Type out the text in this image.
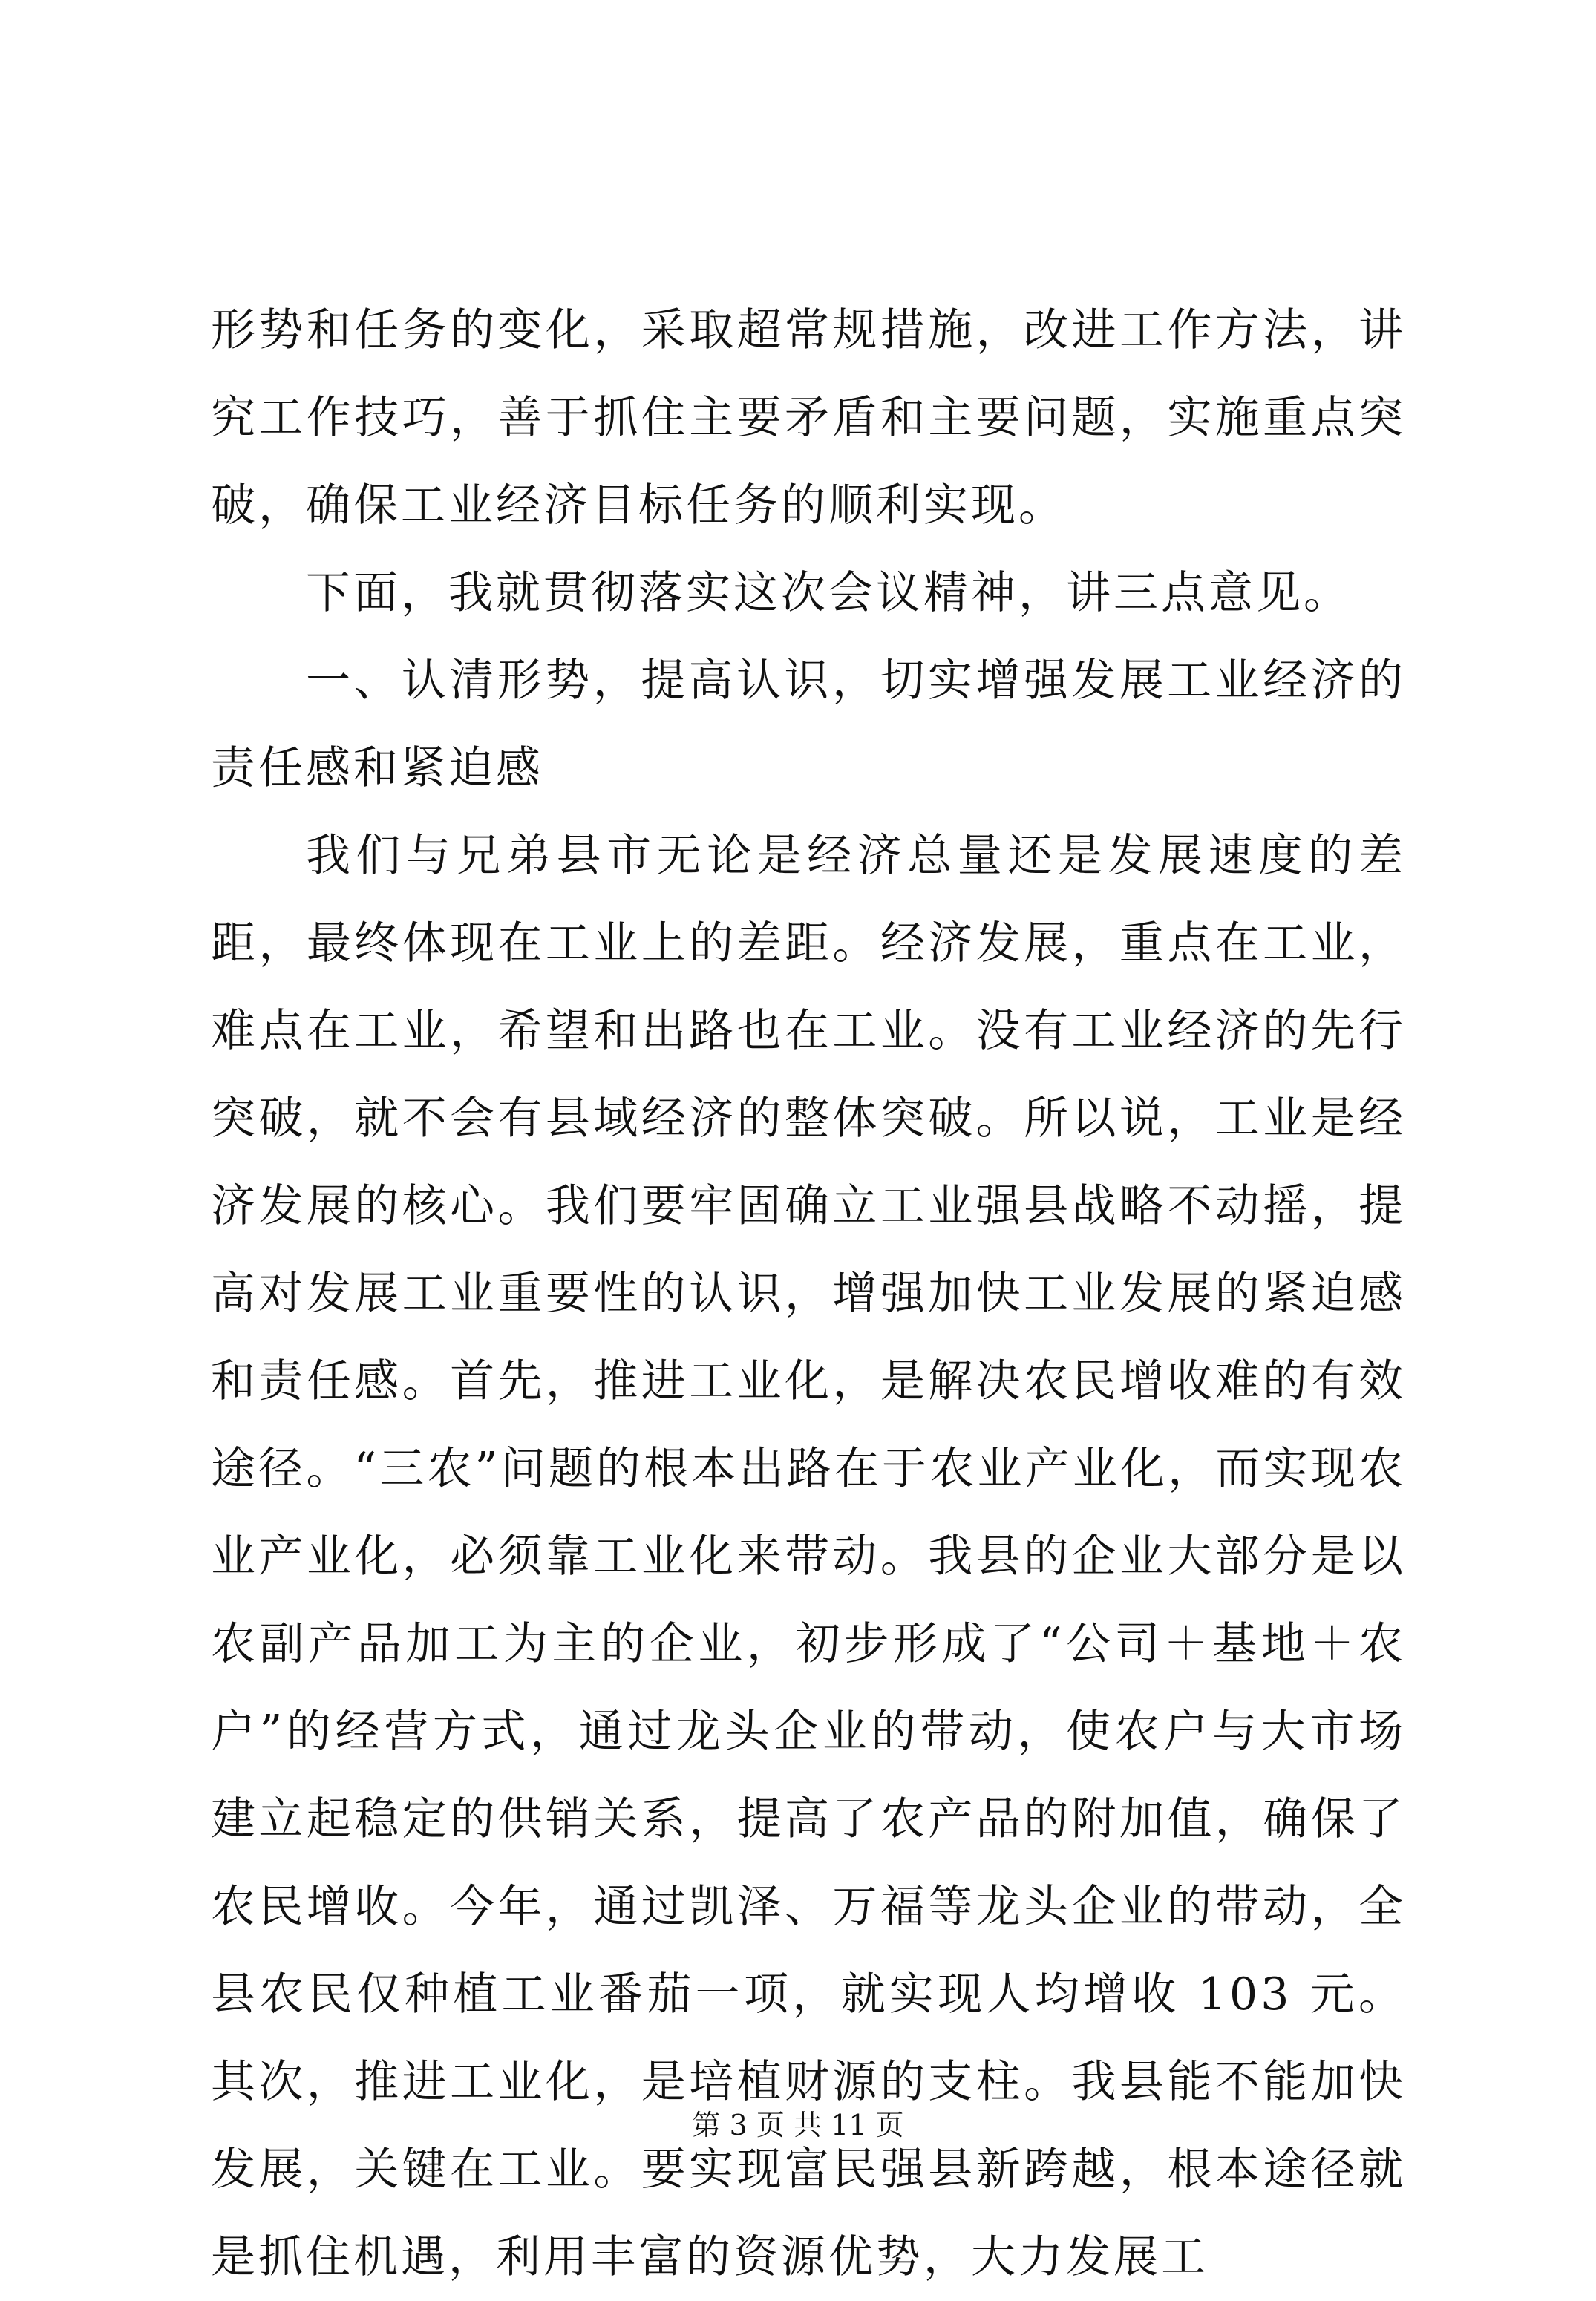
形势和任务的变化，采取超常规措施，改进工作方法，讲究工作技巧，善于抓住主要矛盾和主要问题，实施重点突破，确保工业经济目标任务的顺利实现。

下面，我就贯彻落实这次会议精神，讲三点意见。

一、认清形势，提高认识，切实增强发展工业经济的责任感和紧迫感

我们与兄弟县市无论是经济总量还是发展速度的差距，最终体现在工业上的差距。经济发展，重点在工业，难点在工业，希望和出路也在工业。没有工业经济的先行突破，就不会有县域经济的整体突破。所以说，工业是经济发展的核心。我们要牢固确立工业强县战略不动摇，提高对发展工业重要性的认识，增强加快工业发展的紧迫感和责任感。首先，推进工业化，是解决农民增收难的有效途径。“三农”问题的根本出路在于农业产业化，而实现农业产业化，必须靠工业化来带动。我县的企业大部分是以农副产品加工为主的企业，初步形成了“公司＋基地＋农户”的经营方式，通过龙头企业的带动，使农户与大市场建立起稳定的供销关系，提高了农产品的附加值，确保了农民增收。今年，通过凯泽、万福等龙头企业的带动，全县农民仅种植工业番茄一项，就实现人均增收 103 元。其次，推进工业化，是培植财源的支柱。我县能不能加快发展，关键在工业。要实现富民强县新跨越，根本途径就是抓住机遇，利用丰富的资源优势，大力发展工

第 3 页 共 11 页
